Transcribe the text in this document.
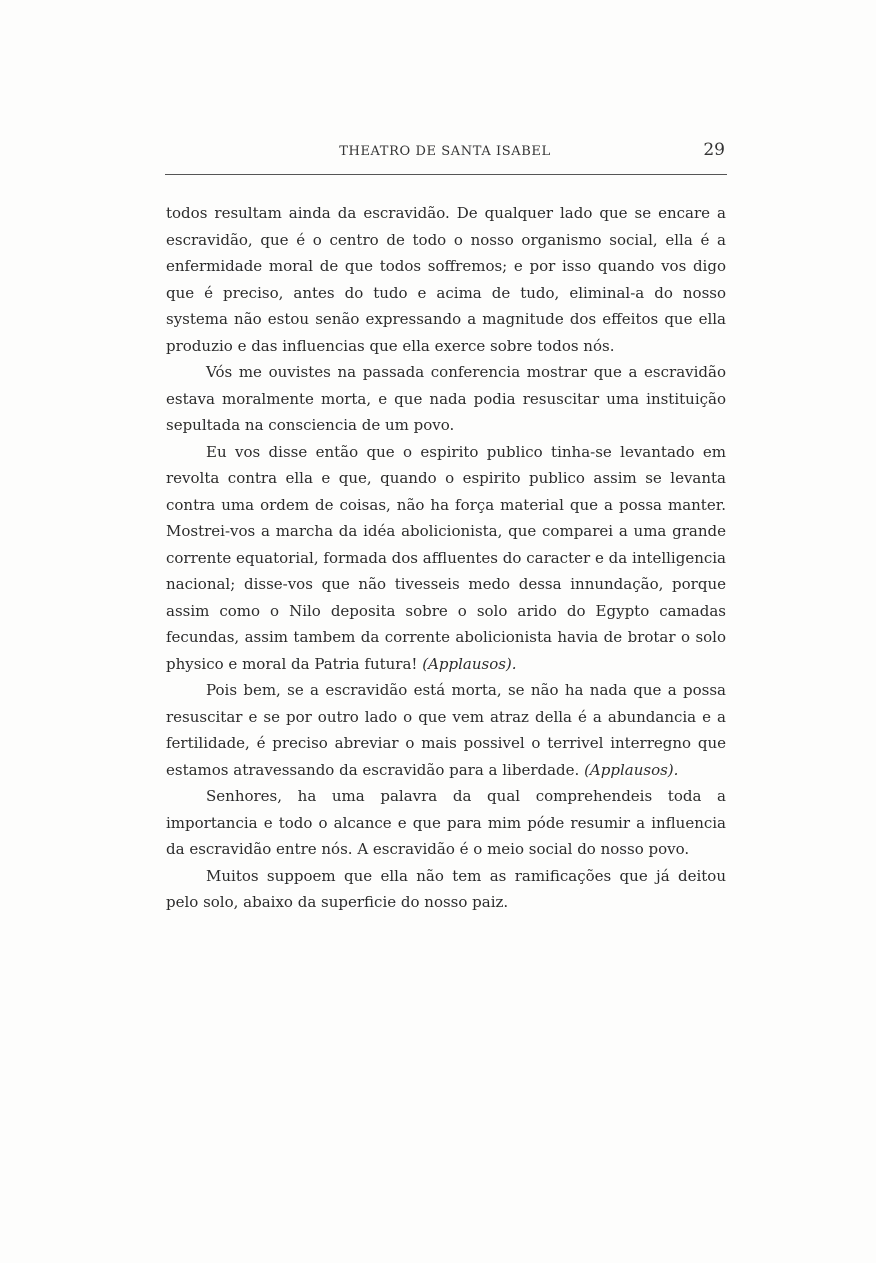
THEATRO DE SANTA ISABEL	29

todos resultam ainda da escravidão. De qualquer lado que se encare a escravidão, que é o centro de todo o nosso organismo social, ella é a enfermidade moral de que todos soffremos; e por isso quando vos digo que é preciso, antes do tudo e acima de tudo, eliminal-a do nosso systema não estou senão expressando a magnitude dos effeitos que ella produzio e das influencias que ella exerce sobre todos nós.

Vós me ouvistes na passada conferencia mostrar que a escravidão estava moralmente morta, e que nada podia resuscitar uma instituição sepultada na consciencia de um povo.

Eu vos disse então que o espirito publico tinha-se levantado em revolta contra ella e que, quando o espirito publico assim se levanta contra uma ordem de coisas, não ha força material que a possa manter. Mostrei-vos a marcha da idéa abolicionista, que comparei a uma grande corrente equatorial, formada dos affluentes do caracter e da intelligencia nacional; disse-vos que não tivesseis medo dessa innundação, porque assim como o Nilo deposita sobre o solo arido do Egypto camadas fecundas, assim tambem da corrente abolicionista havia de brotar o solo physico e moral da Patria futura! (Applausos).

Pois bem, se a escravidão está morta, se não ha nada que a possa resuscitar e se por outro lado o que vem atraz della é a abundancia e a fertilidade, é preciso abreviar o mais possivel o terrivel interregno que estamos atravessando da escravidão para a liberdade. (Applausos).

Senhores, ha uma palavra da qual comprehendeis toda a importancia e todo o alcance e que para mim póde resumir a influencia da escravidão entre nós. A escravidão é o meio social do nosso povo.

Muitos suppoem que ella não tem as ramificações que já deitou pelo solo, abaixo da superficie do nosso paiz.
